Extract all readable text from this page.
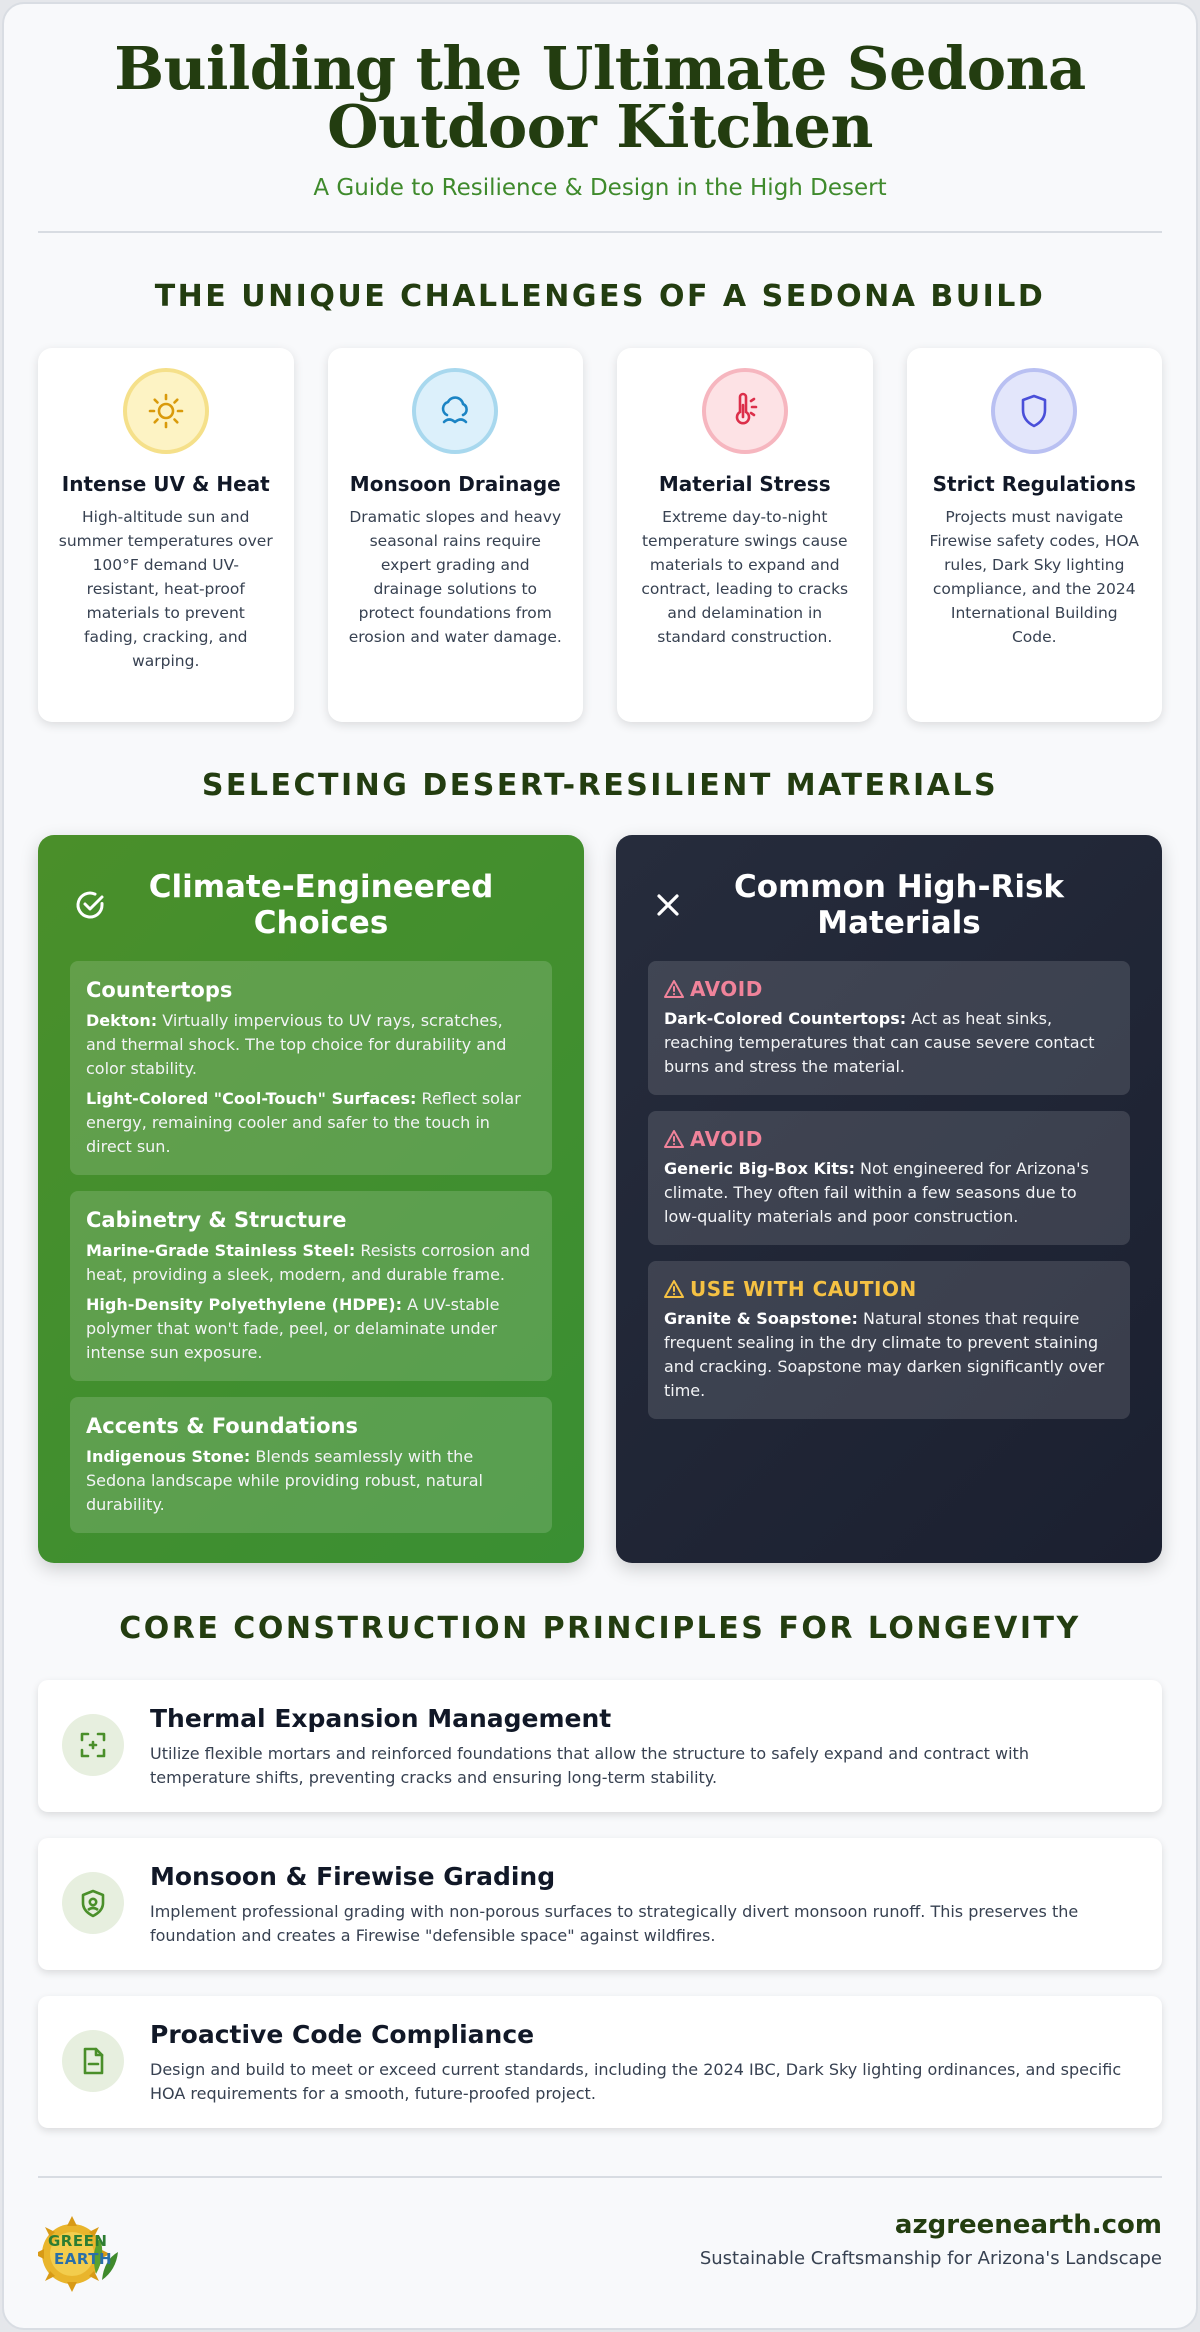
Building the Ultimate Sedona
Outdoor Kitchen
A Guide to Resilience & Design in the High Desert
THE UNIQUE CHALLENGES OF A SEDONA BUILD
Intense UV & Heat
High-altitude sun and summer temperatures over 100°F demand UV-resistant, heat-proof materials to prevent fading, cracking, and warping.
Monsoon Drainage
Dramatic slopes and heavy seasonal rains require expert grading and drainage solutions to protect foundations from erosion and water damage.
Material Stress
Extreme day-to-night temperature swings cause materials to expand and contract, leading to cracks and delamination in standard construction.
Strict Regulations
Projects must navigate Firewise safety codes, HOA rules, Dark Sky lighting compliance, and the 2024 International Building Code.
SELECTING DESERT-RESILIENT MATERIALS
Climate-Engineered Choices
Countertops

Dekton: Virtually impervious to UV rays, scratches, and thermal shock. The top choice for durability and color stability.

Light-Colored "Cool-Touch" Surfaces: Reflect solar energy, remaining cooler and safer to the touch in direct sun.

Cabinetry & Structure

Marine-Grade Stainless Steel: Resists corrosion and heat, providing a sleek, modern, and durable frame.

High-Density Polyethylene (HDPE): A UV-stable polymer that won't fade, peel, or delaminate under intense sun exposure.

Accents & Foundations

Indigenous Stone: Blends seamlessly with the Sedona landscape while providing robust, natural durability.

Common High-Risk Materials
AVOID

Dark-Colored Countertops: Act as heat sinks, reaching temperatures that can cause severe contact burns and stress the material.

AVOID

Generic Big-Box Kits: Not engineered for Arizona's climate. They often fail within a few seasons due to low-quality materials and poor construction.

USE WITH CAUTION

Granite & Soapstone: Natural stones that require frequent sealing in the dry climate to prevent staining and cracking. Soapstone may darken significantly over time.

CORE CONSTRUCTION PRINCIPLES FOR LONGEVITY
Thermal Expansion Management
Utilize flexible mortars and reinforced foundations that allow the structure to safely expand and contract with temperature shifts, preventing cracks and ensuring long-term stability.
Monsoon & Firewise Grading
Implement professional grading with non-porous surfaces to strategically divert monsoon runoff. This preserves the foundation and creates a Firewise "defensible space" against wildfires.
Proactive Code Compliance
Design and build to meet or exceed current standards, including the 2024 IBC, Dark Sky lighting ordinances, and specific HOA requirements for a smooth, future-proofed project.
GREEN
EARTH
azgreenearth.com
Sustainable Craftsmanship for Arizona's Landscape
